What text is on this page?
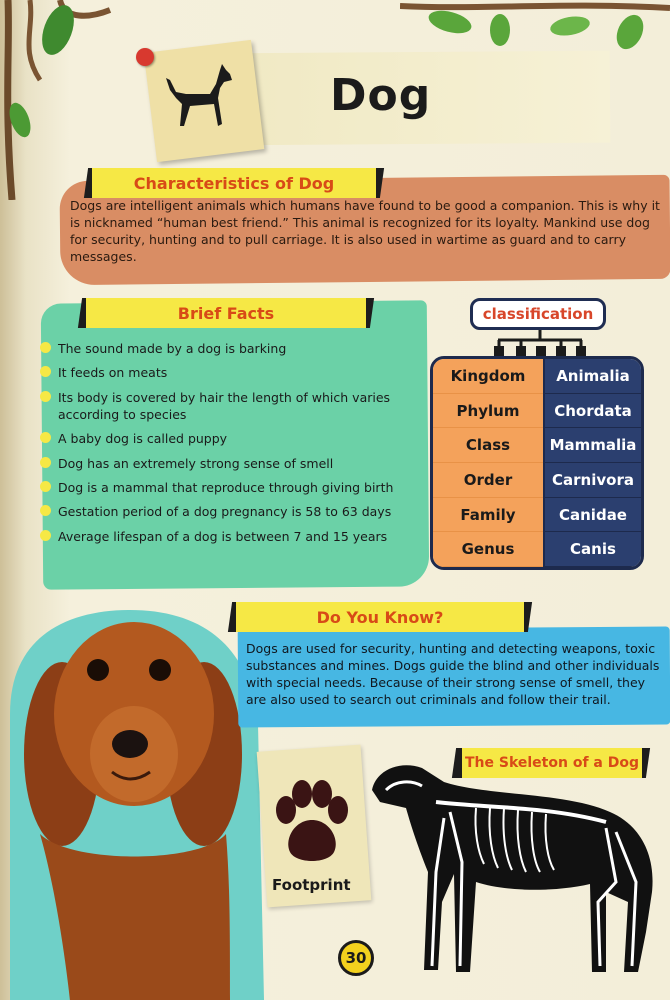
Dog
Characteristics of Dog
Dogs are intelligent animals which humans have found to be good a companion. This is why it is nicknamed “human best friend.” This animal is recognized for its loyalty. Mankind use dog for security, hunting and to pull carriage. It is also used in wartime as guard and to carry messages.
Brief Facts
The sound made by a dog is barking
It feeds on meats
Its body is covered by hair the length of which varies according to species
A baby dog is called puppy
Dog has an extremely strong sense of smell
Dog is a mammal that reproduce through giving birth
Gestation period of a dog pregnancy is 58 to 63 days
Average lifespan of a dog is between 7 and 15 years
classification
Kingdom	Animalia
Phylum	Chordata
Class	Mammalia
Order	Carnivora
Family	Canidae
Genus	Canis
Do You Know?
Dogs are used for security, hunting and detecting weapons, toxic substances and mines. Dogs guide the blind and other individuals with special needs. Because of their strong sense of smell, they are also used to search out criminals and follow their trail.
Footprint
The Skeleton of a Dog
30
